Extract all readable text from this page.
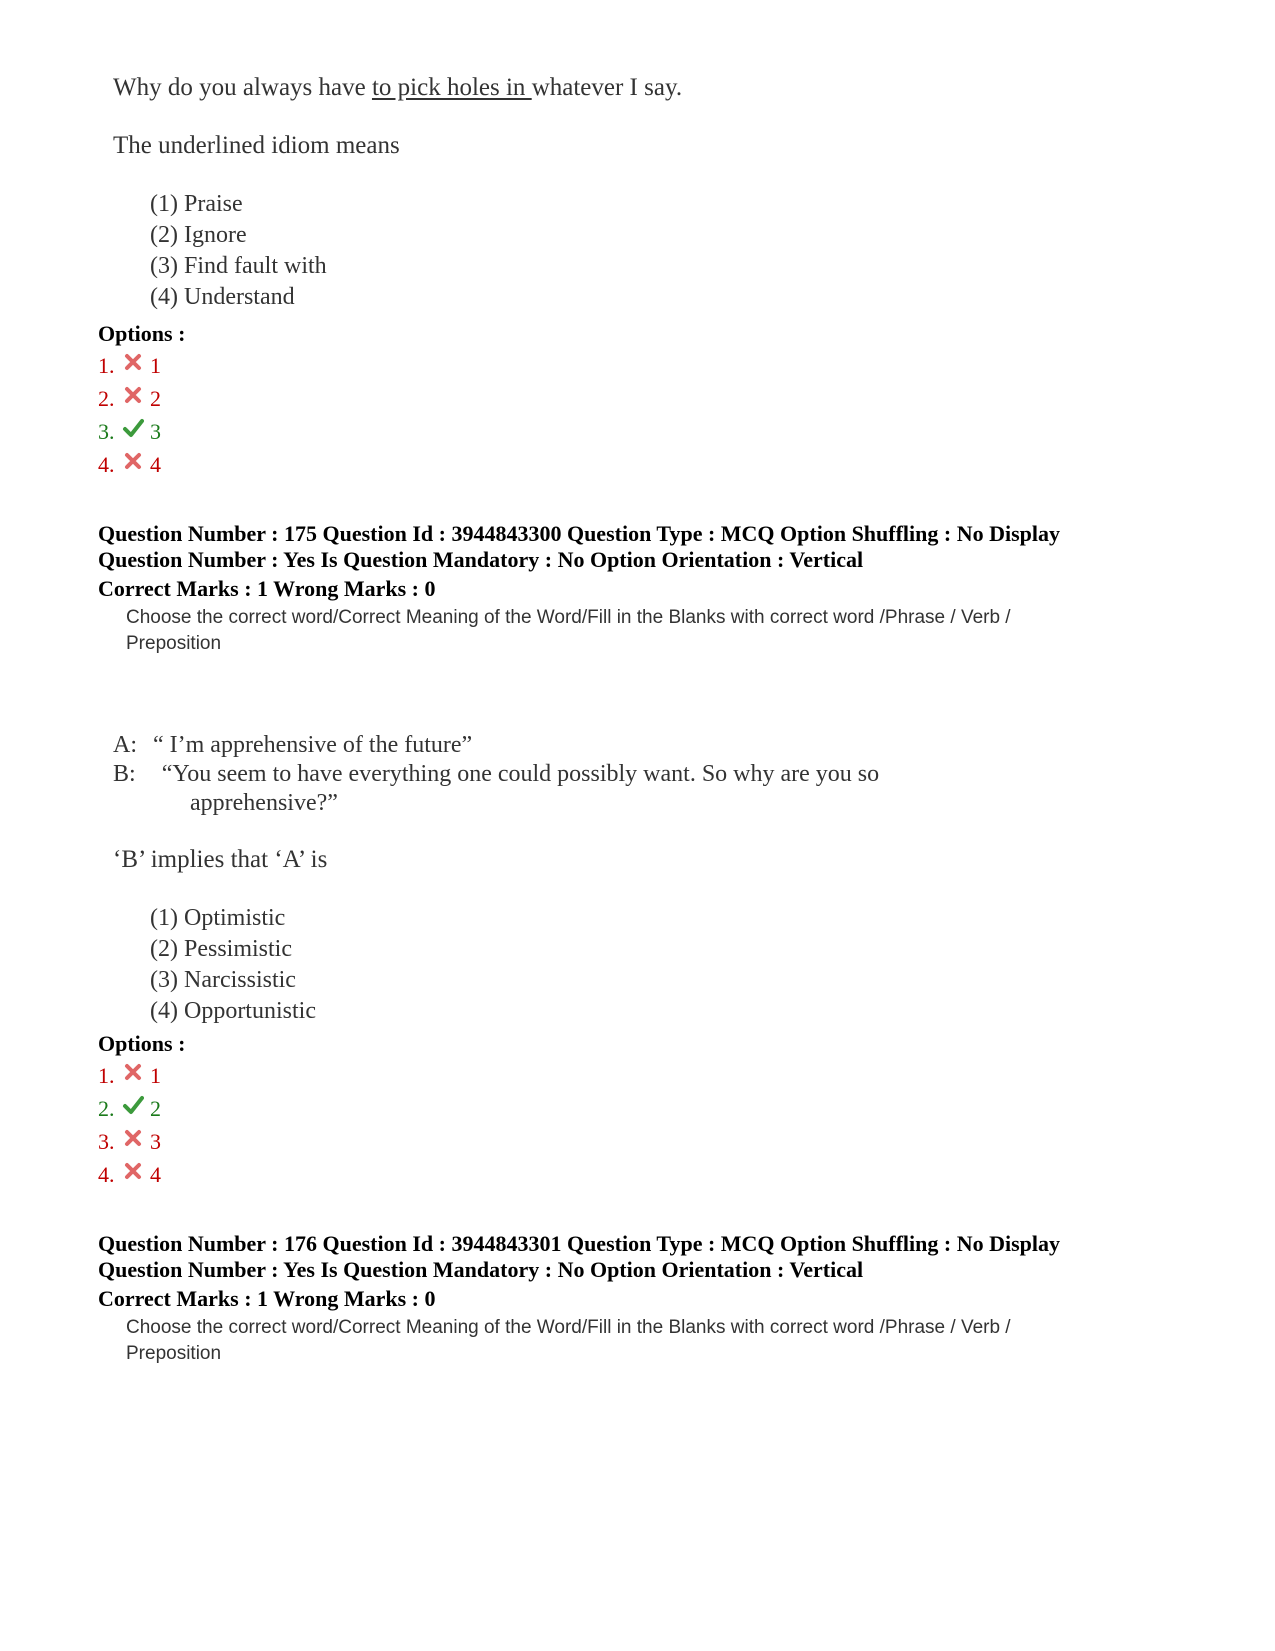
Why do you always have to pick holes in whatever I say.
The underlined idiom means
(1) Praise
(2) Ignore
(3) Find fault with
(4) Understand
Options :
1.	1
2.	2
3.	3
4.	4
Question Number : 175 Question Id : 3944843300 Question Type : MCQ Option Shuffling : No Display
Question Number : Yes Is Question Mandatory : No Option Orientation : Vertical
Correct Marks : 1 Wrong Marks : 0
Choose the correct word/Correct Meaning of the Word/Fill in the Blanks with correct word /Phrase / Verb /
Preposition
A: “ I’m apprehensive of the future”
B: “You seem to have everything one could possibly want. So why are you so
apprehensive?”
‘B’ implies that ‘A’ is
(1) Optimistic
(2) Pessimistic
(3) Narcissistic
(4) Opportunistic
Options :
1.	1
2.	2
3.	3
4.	4
Question Number : 176 Question Id : 3944843301 Question Type : MCQ Option Shuffling : No Display
Question Number : Yes Is Question Mandatory : No Option Orientation : Vertical
Correct Marks : 1 Wrong Marks : 0
Choose the correct word/Correct Meaning of the Word/Fill in the Blanks with correct word /Phrase / Verb /
Preposition
